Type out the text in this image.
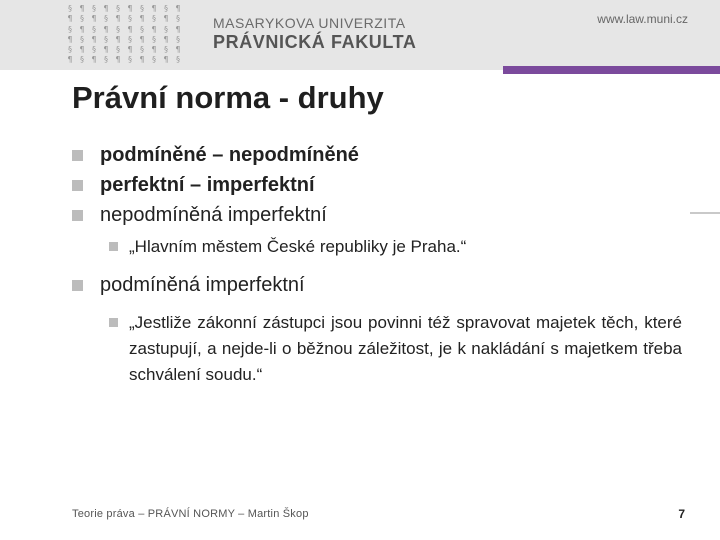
§ ¶ § ¶ § ¶ § ¶ § ¶
¶ § ¶ § ¶ § ¶ § ¶ §
§ ¶ § ¶ § ¶ § ¶ § ¶
¶ § ¶ § ¶ § ¶ § ¶ §
§ ¶ § ¶ § ¶ § ¶ § ¶
¶ § ¶ § ¶ § ¶ § ¶ §
MASARYKOVA UNIVERZITA
PRÁVNICKÁ FAKULTA
www.law.muni.cz
Právní norma - druhy
podmíněné – nepodmíněné
perfektní – imperfektní
nepodmíněná imperfektní
„Hlavním městem České republiky je Praha.“
podmíněná imperfektní
„Jestliže zákonní zástupci jsou povinni též spravovat majetek těch, které zastupují, a nejde-li o běžnou záležitost, je k nakládání s majetkem třeba schválení soudu.“
Teorie práva – PRÁVNÍ NORMY – Martin Škop	7
